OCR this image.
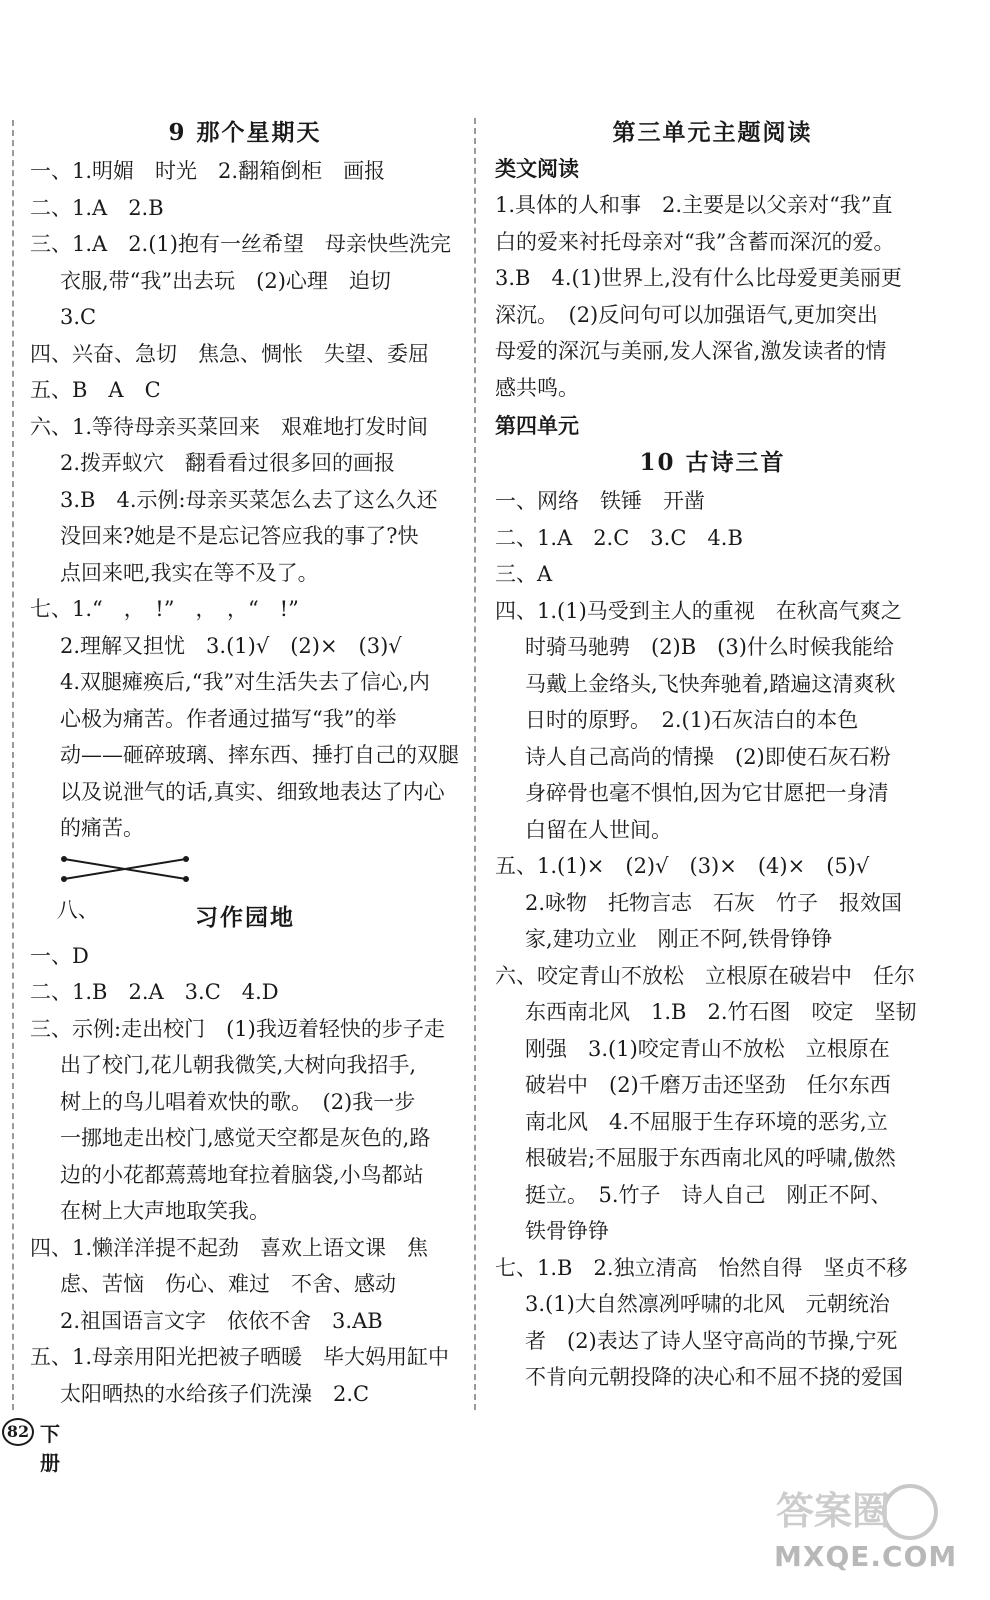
9 那个星期天
一、1.明媚　时光　2.翻箱倒柜　画报
二、1.A　2.B
三、1.A　2.(1)抱有一丝希望　母亲快些洗完
衣服,带“我”出去玩　(2)心理　迫切
3.C
四、兴奋、急切　焦急、惆怅　失望、委屈
五、B　A　C
六、1.等待母亲买菜回来　艰难地打发时间
2.拨弄蚁穴　翻看看过很多回的画报
3.B　4.示例:母亲买菜怎么去了这么久还
没回来?她是不是忘记答应我的事了?快
点回来吧,我实在等不及了。
七、1.“　，　!”　，　，“　!”
2.理解又担忧　3.(1)√　(2)×　(3)√
4.双腿瘫痪后,“我”对生活失去了信心,内
心极为痛苦。作者通过描写“我”的举
动——砸碎玻璃、摔东西、捶打自己的双腿
以及说泄气的话,真实、细致地表达了内心
的痛苦。

八、

	习作园地
一、D
二、1.B　2.A　3.C　4.D
三、示例:走出校门　(1)我迈着轻快的步子走
出了校门,花儿朝我微笑,大树向我招手,
树上的鸟儿唱着欢快的歌。　(2)我一步
一挪地走出校门,感觉天空都是灰色的,路
边的小花都蔫蔫地耷拉着脑袋,小鸟都站
在树上大声地取笑我。
四、1.懒洋洋提不起劲　喜欢上语文课　焦
虑、苦恼　伤心、难过　不舍、感动
2.祖国语言文字　依依不舍　3.AB
五、1.母亲用阳光把被子晒暖　毕大妈用缸中
太阳晒热的水给孩子们洗澡　2.C
第三单元主题阅读
类文阅读
1.具体的人和事　2.主要是以父亲对“我”直
白的爱来衬托母亲对“我”含蓄而深沉的爱。
3.B　4.(1)世界上,没有什么比母爱更美丽更
深沉。　(2)反问句可以加强语气,更加突出
母爱的深沉与美丽,发人深省,激发读者的情
感共鸣。
第四单元
10 古诗三首
一、网络　铁锤　开凿
二、1.A　2.C　3.C　4.B
三、A
四、1.(1)马受到主人的重视　在秋高气爽之
时骑马驰骋　(2)B　(3)什么时候我能给
马戴上金络头,飞快奔驰着,踏遍这清爽秋
日时的原野。　2.(1)石灰洁白的本色
诗人自己高尚的情操　(2)即使石灰石粉
身碎骨也毫不惧怕,因为它甘愿把一身清
白留在人世间。
五、1.(1)×　(2)√　(3)×　(4)×　(5)√
2.咏物　托物言志　石灰　竹子　报效国
家,建功立业　刚正不阿,铁骨铮铮
六、咬定青山不放松　立根原在破岩中　任尔
东西南北风　1.B　2.竹石图　咬定　坚韧
刚强　3.(1)咬定青山不放松　立根原在
破岩中　(2)千磨万击还坚劲　任尔东西
南北风　4.不屈服于生存环境的恶劣,立
根破岩;不屈服于东西南北风的呼啸,傲然
挺立。　5.竹子　诗人自己　刚正不阿、
铁骨铮铮
七、1.B　2.独立清高　怡然自得　坚贞不移
3.(1)大自然凛冽呼啸的北风　元朝统治
者　(2)表达了诗人坚守高尚的节操,宁死
不肯向元朝投降的决心和不屈不挠的爱国
82 下册
答案圈
MXQE.COM
